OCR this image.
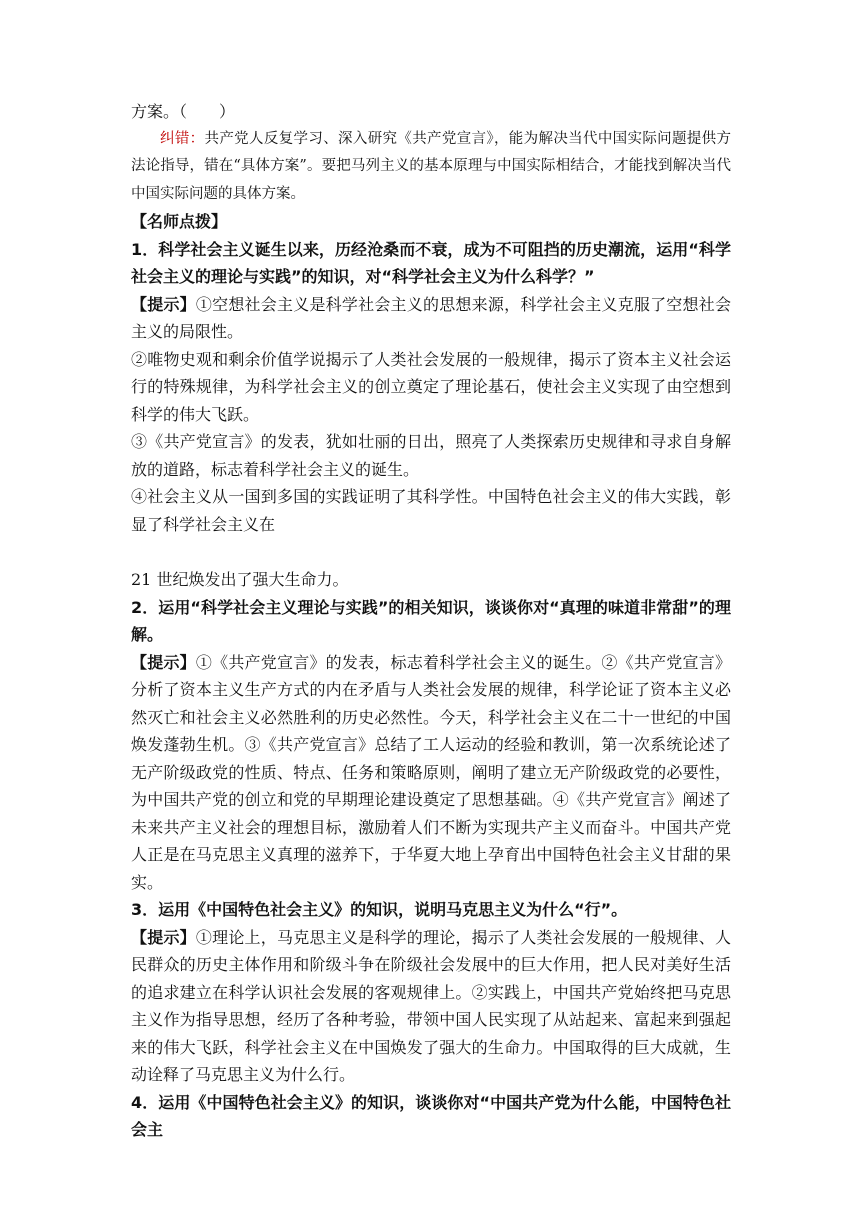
方案。（　　）

纠错：共产党人反复学习、深入研究《共产党宣言》，能为解决当代中国实际问题提供方法论指导，错在“具体方案”。要把马列主义的基本原理与中国实际相结合，才能找到解决当代中国实际问题的具体方案。

【名师点拨】

1．科学社会主义诞生以来，历经沧桑而不衰，成为不可阻挡的历史潮流，运用“科学社会主义的理论与实践”的知识，对“科学社会主义为什么科学？”

【提示】①空想社会主义是科学社会主义的思想来源，科学社会主义克服了空想社会主义的局限性。

②唯物史观和剩余价值学说揭示了人类社会发展的一般规律，揭示了资本主义社会运行的特殊规律，为科学社会主义的创立奠定了理论基石，使社会主义实现了由空想到科学的伟大飞跃。

③《共产党宣言》的发表，犹如壮丽的日出，照亮了人类探索历史规律和寻求自身解放的道路，标志着科学社会主义的诞生。

④社会主义从一国到多国的实践证明了其科学性。中国特色社会主义的伟大实践，彰显了科学社会主义在

21 世纪焕发出了强大生命力。

2．运用“科学社会主义理论与实践”的相关知识，谈谈你对“真理的味道非常甜”的理解。

【提示】①《共产党宣言》的发表，标志着科学社会主义的诞生。②《共产党宣言》分析了资本主义生产方式的内在矛盾与人类社会发展的规律，科学论证了资本主义必然灭亡和社会主义必然胜利的历史必然性。今天，科学社会主义在二十一世纪的中国焕发蓬勃生机。③《共产党宣言》总结了工人运动的经验和教训，第一次系统论述了无产阶级政党的性质、特点、任务和策略原则，阐明了建立无产阶级政党的必要性，为中国共产党的创立和党的早期理论建设奠定了思想基础。④《共产党宣言》阐述了未来共产主义社会的理想目标，激励着人们不断为实现共产主义而奋斗。中国共产党人正是在马克思主义真理的滋养下，于华夏大地上孕育出中国特色社会主义甘甜的果实。

3．运用《中国特色社会主义》的知识，说明马克思主义为什么“行”。

【提示】①理论上，马克思主义是科学的理论，揭示了人类社会发展的一般规律、人民群众的历史主体作用和阶级斗争在阶级社会发展中的巨大作用，把人民对美好生活的追求建立在科学认识社会发展的客观规律上。②实践上，中国共产党始终把马克思主义作为指导思想，经历了各种考验，带领中国人民实现了从站起来、富起来到强起来的伟大飞跃，科学社会主义在中国焕发了强大的生命力。中国取得的巨大成就，生动诠释了马克思主义为什么行。

4．运用《中国特色社会主义》的知识，谈谈你对“中国共产党为什么能，中国特色社会主
